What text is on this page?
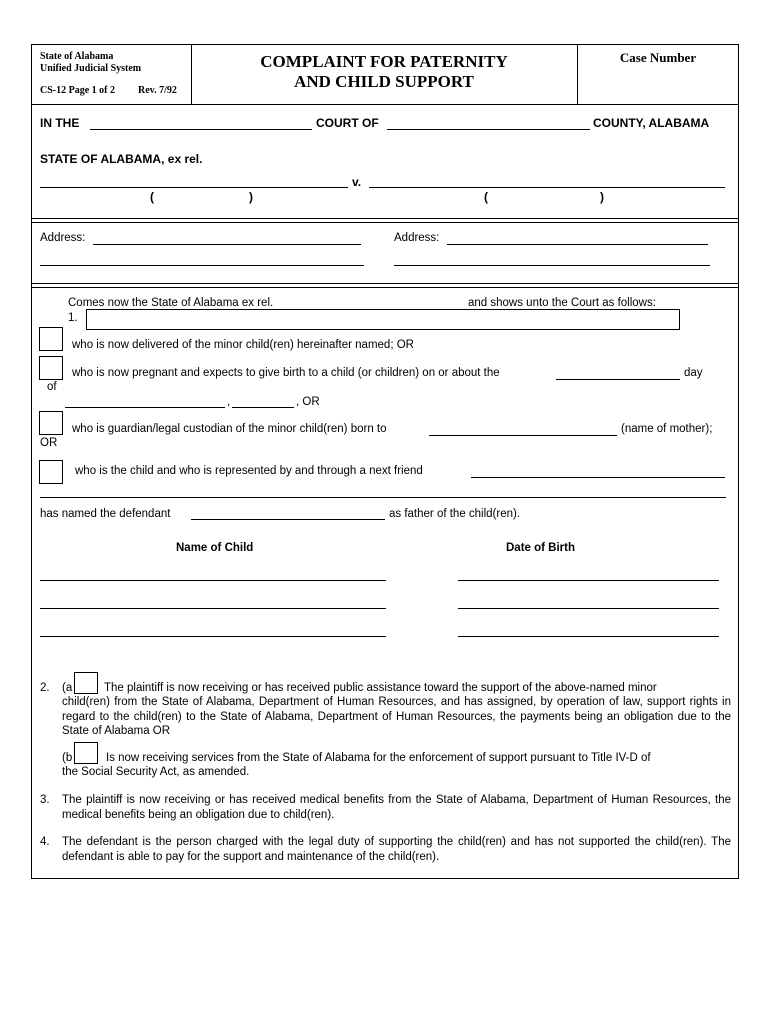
State of Alabama
Unified Judicial System
CS-12 Page 1 of 2 Rev. 7/92
COMPLAINT FOR PATERNITY
AND CHILD SUPPORT
Case Number
IN THE	COURT OF	COUNTY, ALABAMA
STATE OF ALABAMA, ex rel.
v.
(	)	(	)
Address:	Address:
Comes now the State of Alabama ex rel.	and shows unto the Court as follows:
1.
who is now delivered of the minor child(ren) hereinafter named; OR
who is now pregnant and expects to give birth to a child (or children) on or about the	day
of
,	, OR
who is guardian/legal custodian of the minor child(ren) born to	(name of mother);
OR
who is the child and who is represented by and through a next friend
has named the defendant	as father of the child(ren).
Name of Child	Date of Birth
2. (a	The plaintiff is now receiving or has received public assistance toward the support of the above-named minor
child(ren) from the State of Alabama, Department of Human Resources, and has assigned, by operation of law, support rights in regard to the child(ren) to the State of Alabama, Department of Human Resources, the payments being an obligation due to the State of Alabama OR
(b	Is now receiving services from the State of Alabama for the enforcement of support pursuant to Title IV-D of
the Social Security Act, as amended.
3. The plaintiff is now receiving or has received medical benefits from the State of Alabama, Department of Human Resources, the medical benefits being an obligation due to child(ren).
4. The defendant is the person charged with the legal duty of supporting the child(ren) and has not supported the child(ren). The defendant is able to pay for the support and maintenance of the child(ren).
